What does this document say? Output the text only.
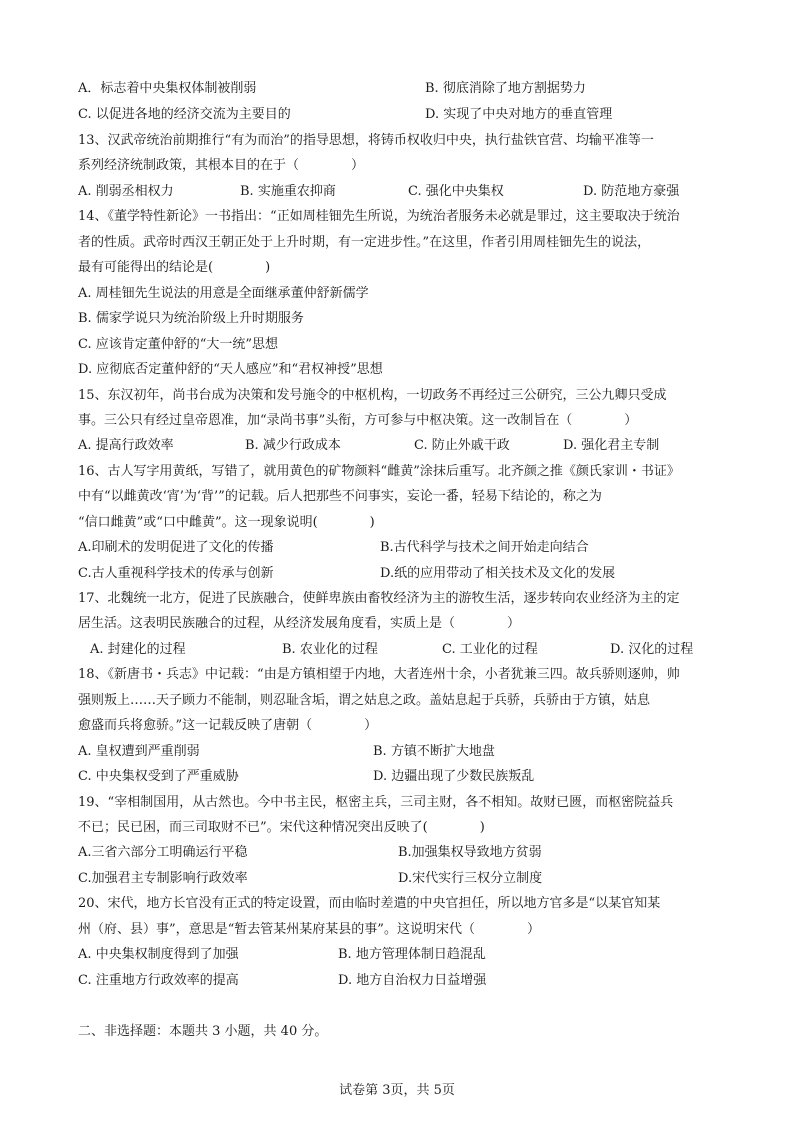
A．标志着中央集权体制被削弱	B. 彻底消除了地方割据势力
C. 以促进各地的经济交流为主要目的	D. 实现了中央对地方的垂直管理
13、汉武帝统治前期推行“有为而治”的指导思想，将铸币权收归中央，执行盐铁官营、均输平准等一
系列经济统制政策，其根本目的在于（　　　　）
A. 削弱丞相权力	B. 实施重农抑商	C. 强化中央集权	D. 防范地方豪强
14、《董学特性新论》一书指出：“正如周桂钿先生所说，为统治者服务未必就是罪过，这主要取决于统治
者的性质。武帝时西汉王朝正处于上升时期，有一定进步性。”在这里，作者引用周桂钿先生的说法，
最有可能得出的结论是(　　　　)
A. 周桂钿先生说法的用意是全面继承董仲舒新儒学
B. 儒家学说只为统治阶级上升时期服务
C. 应该肯定董仲舒的“大一统”思想
D. 应彻底否定董仲舒的“天人感应”和“君权神授”思想
15、东汉初年，尚书台成为决策和发号施令的中枢机构，一切政务不再经过三公研究，三公九卿只受成
事。三公只有经过皇帝恩准，加“录尚书事”头衔，方可参与中枢决策。这一改制旨在（　　　　）
A. 提高行政效率	B. 减少行政成本	C. 防止外戚干政	D. 强化君主专制
16、古人写字用黄纸，写错了，就用黄色的矿物颜料“雌黄”涂抹后重写。北齐颜之推《颜氏家训・书证》
中有“以雌黄改‘宵’为‘背’”的记载。后人把那些不问事实，妄论一番，轻易下结论的，称之为
“信口雌黄”或“口中雌黄”。这一现象说明(　　　　)
A.印刷术的发明促进了文化的传播	B.古代科学与技术之间开始走向结合
C.古人重视科学技术的传承与创新	D.纸的应用带动了相关技术及文化的发展
17、北魏统一北方，促进了民族融合，使鲜卑族由畜牧经济为主的游牧生活，逐步转向农业经济为主的定
居生活。这表明民族融合的过程，从经济发展角度看，实质上是（　　　　）
A. 封建化的过程	B. 农业化的过程	C. 工业化的过程	D. 汉化的过程
18、《新唐书・兵志》中记载：“由是方镇相望于内地，大者连州十余，小者犹兼三四。故兵骄则逐帅，帅
强则叛上……天子顾力不能制，则忍耻含垢，谓之姑息之政。盖姑息起于兵骄，兵骄由于方镇，姑息
愈盛而兵将愈骄。”这一记载反映了唐朝（　　　　）
A. 皇权遭到严重削弱	B. 方镇不断扩大地盘
C. 中央集权受到了严重威胁	D. 边疆出现了少数民族叛乱
19、“宰相制国用，从古然也。今中书主民，枢密主兵，三司主财，各不相知。故财已匮，而枢密院益兵
不已；民已困，而三司取财不已”。宋代这种情况突出反映了(　　　　)
A.三省六部分工明确运行平稳	B.加强集权导致地方贫弱
C.加强君主专制影响行政效率	D.宋代实行三权分立制度
20、宋代，地方长官没有正式的特定设置，而由临时差遣的中央官担任，所以地方官多是“以某官知某
州（府、县）事”，意思是“暂去管某州某府某县的事”。这说明宋代（　　　　）
A. 中央集权制度得到了加强	B. 地方管理体制日趋混乱
C. 注重地方行政效率的提高	D. 地方自治权力日益增强
二、非选择题：本题共 3 小题，共 40 分。
试卷第 3页，共 5页
